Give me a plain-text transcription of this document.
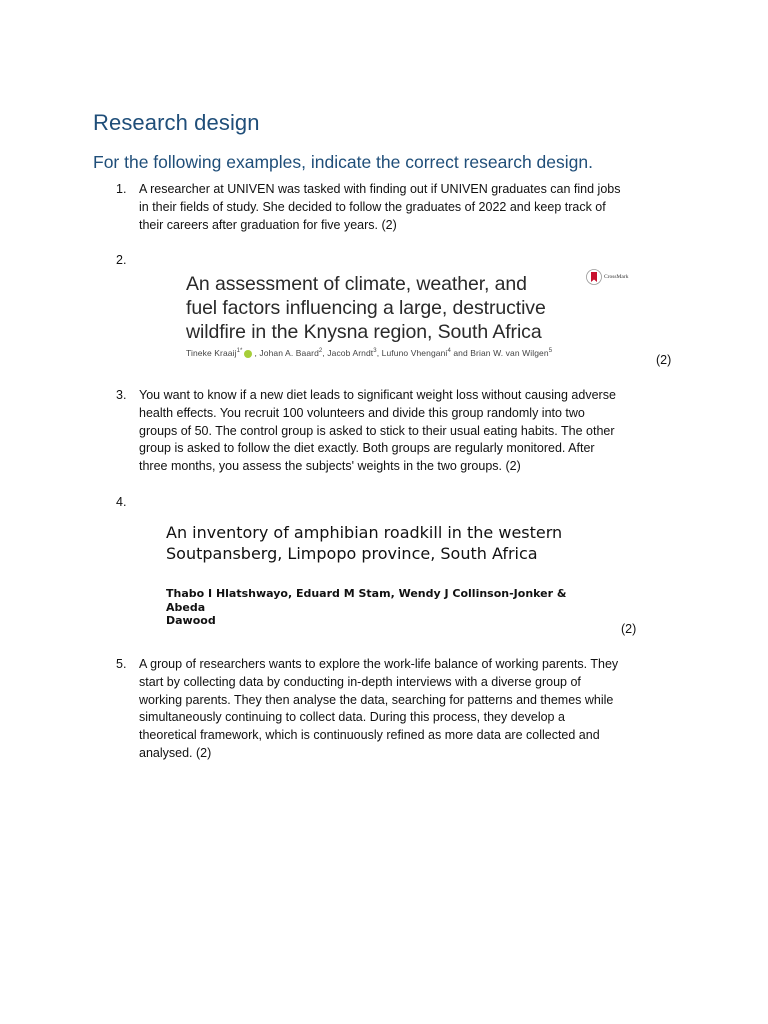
Research design
For the following examples, indicate the correct research design.
1. A researcher at UNIVEN was tasked with finding out if UNIVEN graduates can find jobs
in their fields of study. She decided to follow the graduates of 2022 and keep track of
their careers after graduation for five years. (2)
2.
An assessment of climate, weather, and
fuel factors influencing a large, destructive
wildfire in the Knysna region, South Africa
Tineke Kraaij$^{1*}$ , Johan A. Baard$^2$, Jacob Arndt$^3$, Lufuno Vhengani$^4$ and Brian W. van Wilgen$^5$
CrossMark
(2)
3. You want to know if a new diet leads to significant weight loss without causing adverse
health effects. You recruit 100 volunteers and divide this group randomly into two
groups of 50. The control group is asked to stick to their usual eating habits. The other
group is asked to follow the diet exactly. Both groups are regularly monitored. After
three months, you assess the subjects' weights in the two groups. (2)
4.
An inventory of amphibian roadkill in the western
Soutpansberg, Limpopo province, South Africa
Thabo I Hlatshwayo, Eduard M Stam, Wendy J Collinson-Jonker & Abeda
Dawood
(2)
5. A group of researchers wants to explore the work-life balance of working parents. They
start by collecting data by conducting in-depth interviews with a diverse group of
working parents. They then analyse the data, searching for patterns and themes while
simultaneously continuing to collect data. During this process, they develop a
theoretical framework, which is continuously refined as more data are collected and
analysed. (2)
